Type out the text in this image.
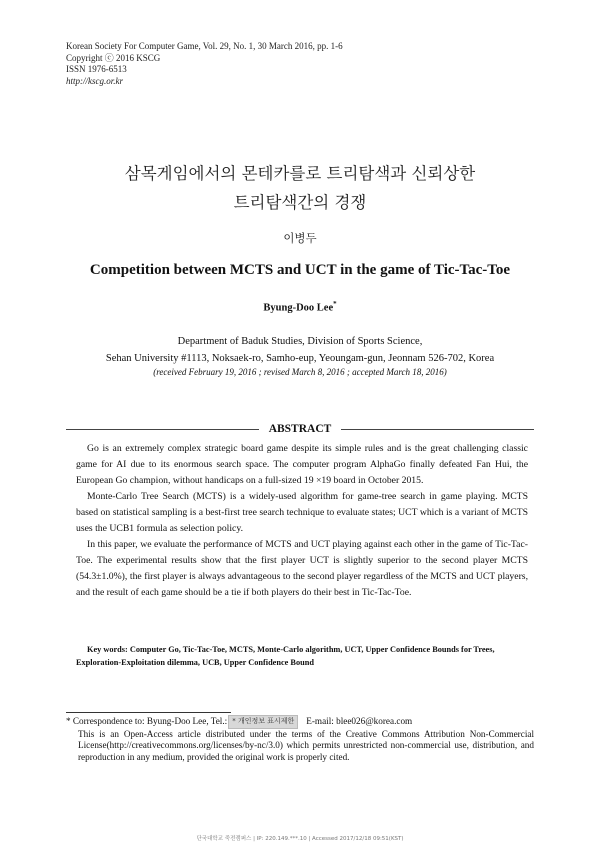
Korean Society For Computer Game, Vol. 29, No. 1, 30 March 2016, pp. 1-6
Copyright ⓒ 2016 KSCG
ISSN 1976-6513
http://kscg.or.kr
삼목게임에서의 몬테카를로 트리탐색과 신뢰상한
트리탐색간의 경쟁
이병두
Competition between MCTS and UCT in the game of Tic-Tac-Toe
Byung-Doo Lee*
Department of Baduk Studies, Division of Sports Science,
Sehan University #1113, Noksaek-ro, Samho-eup, Yeoungam-gun, Jeonnam 526-702, Korea
(received February 19, 2016 ; revised March 8, 2016 ; accepted March 18, 2016)
ABSTRACT

Go is an extremely complex strategic board game despite its simple rules and is the great challenging classic game for AI due to its enormous search space. The computer program AlphaGo finally defeated Fan Hui, the European Go champion, without handicaps on a full-sized 19 ×19 board in October 2015.

Monte-Carlo Tree Search (MCTS) is a widely-used algorithm for game-tree search in game playing. MCTS based on statistical sampling is a best-first tree search technique to evaluate states; UCT which is a variant of MCTS uses the UCB1 formula as selection policy.

In this paper, we evaluate the performance of MCTS and UCT playing against each other in the game of Tic-Tac-Toe. The experimental results show that the first player UCT is slightly superior to the second player MCTS (54.3±1.0%), the first player is always advantageous to the second player regardless of the MCTS and UCT players, and the result of each game should be a tie if both players do their best in Tic-Tac-Toe.

Key words: Computer Go, Tic-Tac-Toe, MCTS, Monte-Carlo algorithm, UCT, Upper Confidence Bounds for Trees, Exploration-Exploitation dilemma, UCB, Upper Confidence Bound
* Correspondence to: Byung-Doo Lee, Tel.: * 개인정보 표시제한	E-mail: blee026@korea.com
This is an Open-Access article distributed under the terms of the Creative Commons Attribution Non-Commercial License(http://creativecommons.org/licenses/by-nc/3.0) which permits unrestricted non-commercial use, distribution, and reproduction in any medium, provided the original work is properly cited.
단국대학교 죽전캠퍼스 | IP: 220.149.***.10 | Accessed 2017/12/18 09:51(KST)
